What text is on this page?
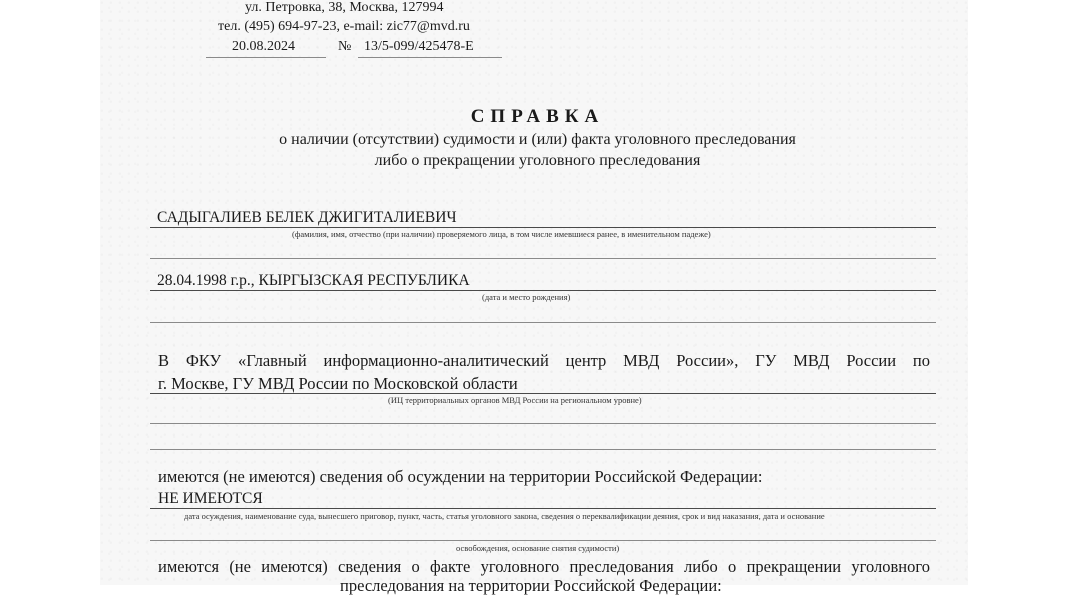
ул. Петровка, 38, Москва, 127994
тел. (495) 694-97-23, e-mail: zic77@mvd.ru
20.08.2024	№ 13/5-099/425478-Е
СПРАВКА
о наличии (отсутствии) судимости и (или) факта уголовного преследования
либо о прекращении уголовного преследования
САДЫГАЛИЕВ БЕЛЕК ДЖИГИТАЛИЕВИЧ
(фамилия, имя, отчество (при наличии) проверяемого лица, в том числе имевшиеся ранее, в именительном падеже)
28.04.1998 г.р., КЫРГЫЗСКАЯ РЕСПУБЛИКА
(дата и место рождения)
В ФКУ «Главный информационно-аналитический центр МВД России», ГУ МВД России по
г. Москве, ГУ МВД России по Московской области
(ИЦ территориальных органов МВД России на региональном уровне)
имеются (не имеются) сведения об осуждении на территории Российской Федерации:
НЕ ИМЕЮТСЯ
дата осуждения, наименование суда, вынесшего приговор, пункт, часть, статья уголовного закона, сведения о переквалификации деяния, срок и вид наказания, дата и основание
освобождения, основание снятия судимости)
имеются (не имеются) сведения о факте уголовного преследования либо о прекращении уголовного
преследования на территории Российской Федерации:
